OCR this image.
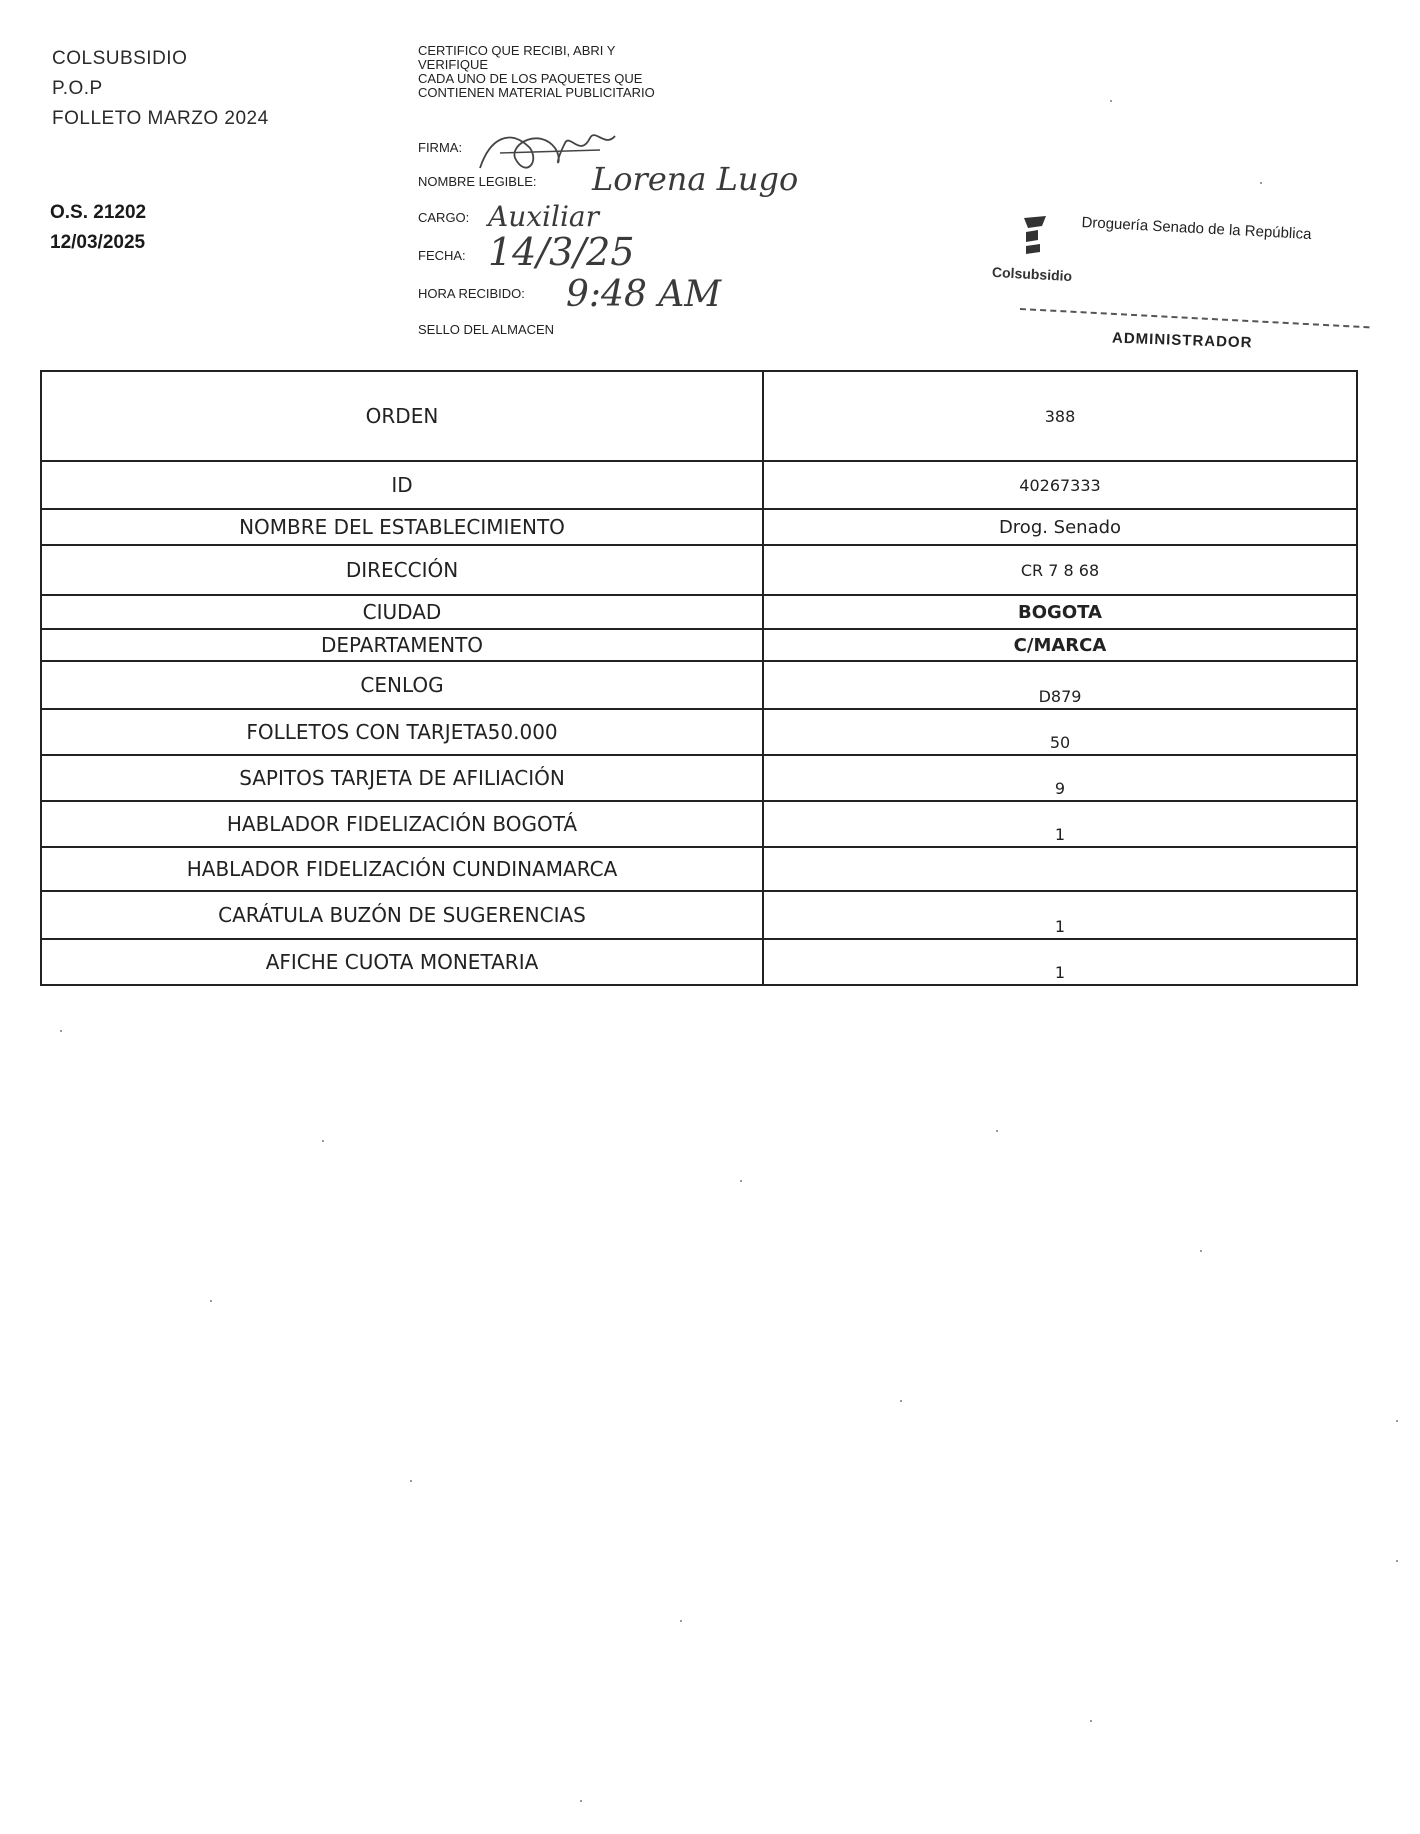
COLSUBSIDIO
P.O.P
FOLLETO MARZO 2024
O.S. 21202
12/03/2025
CERTIFICO QUE RECIBI, ABRI Y
VERIFIQUE
CADA UNO DE LOS PAQUETES QUE
CONTIENEN MATERIAL PUBLICITARIO
FIRMA:
NOMBRE LEGIBLE: Lorena Lugo
CARGO: Auxiliar
FECHA: 14/3/25
HORA RECIBIDO: 9:48 AM
SELLO DEL ALMACEN
Droguería Senado de la República
Colsubsidio
ADMINISTRADOR
ORDEN	388
ID	40267333
NOMBRE DEL ESTABLECIMIENTO	Drog. Senado
DIRECCIÓN	CR 7 8 68
CIUDAD	BOGOTA
DEPARTAMENTO	C/MARCA
CENLOG	D879
FOLLETOS CON TARJETA50.000	50
SAPITOS TARJETA DE AFILIACIÓN	9
HABLADOR FIDELIZACIÓN BOGOTÁ	1
HABLADOR FIDELIZACIÓN CUNDINAMARCA	
CARÁTULA BUZÓN DE SUGERENCIAS	1
AFICHE CUOTA MONETARIA	1
